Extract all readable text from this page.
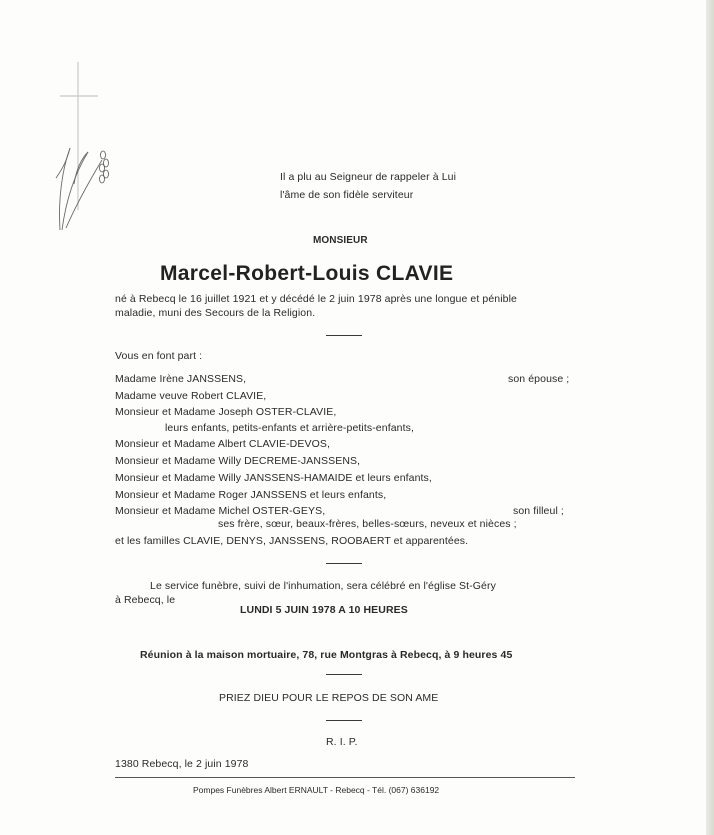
Il a plu au Seigneur de rappeler à Lui
l'âme de son fidèle serviteur
MONSIEUR
Marcel-Robert-Louis CLAVIE
né à Rebecq le 16 juillet 1921 et y décédé le 2 juin 1978 après une longue et pénible
maladie, muni des Secours de la Religion.
Vous en font part :
Madame Irène JANSSENS,	son épouse ;
Madame veuve Robert CLAVIE,
Monsieur et Madame Joseph OSTER-CLAVIE,
leurs enfants, petits-enfants et arrière-petits-enfants,
Monsieur et Madame Albert CLAVIE-DEVOS,
Monsieur et Madame Willy DECREME-JANSSENS,
Monsieur et Madame Willy JANSSENS-HAMAIDE et leurs enfants,
Monsieur et Madame Roger JANSSENS et leurs enfants,
Monsieur et Madame Michel OSTER-GEYS,	son filleul ;
ses frère, sœur, beaux-frères, belles-sœurs, neveux et nièces ;
et les familles CLAVIE, DENYS, JANSSENS, ROOBAERT et apparentées.
Le service funèbre, suivi de l'inhumation, sera célébré en l'église St-Géry
à Rebecq, le
LUNDI 5 JUIN 1978 A 10 HEURES
Réunion à la maison mortuaire, 78, rue Montgras à Rebecq, à 9 heures 45
PRIEZ DIEU POUR LE REPOS DE SON AME
R. I. P.
1380 Rebecq, le 2 juin 1978
Pompes Funèbres Albert ERNAULT - Rebecq - Tél. (067) 636192
